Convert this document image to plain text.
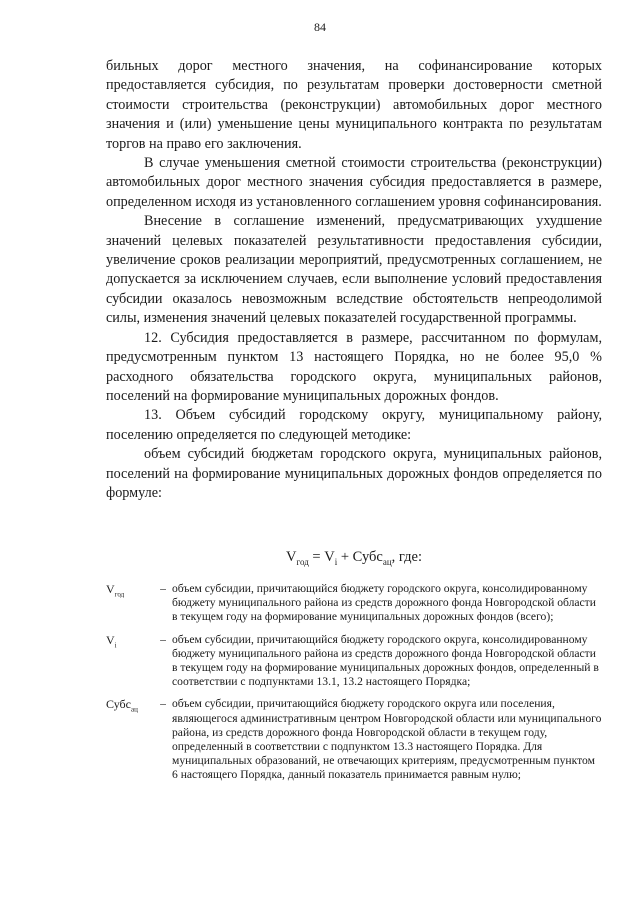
84

бильных дорог местного значения, на софинансирование которых предоставляется субсидия, по результатам проверки достоверности сметной стоимости строительства (реконструкции) автомобильных дорог местного значения и (или) уменьшение цены муниципального контракта по результатам торгов на право его заключения.

В случае уменьшения сметной стоимости строительства (реконструкции) автомобильных дорог местного значения субсидия предоставляется в размере, определенном исходя из установленного соглашением уровня софинансирования.

Внесение в соглашение изменений, предусматривающих ухудшение значений целевых показателей результативности предоставления субсидии, увеличение сроков реализации мероприятий, предусмотренных соглашением, не допускается за исключением случаев, если выполнение условий предоставления субсидии оказалось невозможным вследствие обстоятельств непреодолимой силы, изменения значений целевых показателей государственной программы.

12. Субсидия предоставляется в размере, рассчитанном по формулам, предусмотренным пунктом 13 настоящего Порядка, но не более 95,0 % расходного обязательства городского округа, муниципальных районов, поселений на формирование муниципальных дорожных фондов.

13. Объем субсидий городскому округу, муниципальному району, поселению определяется по следующей методике:

объем субсидий бюджетам городского округа, муниципальных районов, поселений на формирование муниципальных дорожных фондов определяется по формуле:

$V_{год} = V_i$ + Субс$_{ац}$, где:
$V_{год}$	– объем субсидии, причитающийся бюджету городского округа, консолидированному бюджету муниципального района из средств дорожного фонда Новгородской области в текущем году на формирование муниципальных дорожных фондов (всего);
$V_i$	– объем субсидии, причитающийся бюджету городского округа, консолидированному бюджету муниципального района из средств дорожного фонда Новгородской области в текущем году на формирование муниципальных дорожных фондов, определенный в соответствии с подпунктами 13.1, 13.2 настоящего Порядка;
Субс$_{ац}$	– объем субсидии, причитающийся бюджету городского округа или поселения, являющегося административным центром Новгородской области или муниципального района, из средств дорожного фонда Новгородской области в текущем году, определенный в соответствии с подпунктом 13.3 настоящего Порядка. Для муниципальных образований, не отвечающих критериям, предусмотренным пунктом 6 настоящего Порядка, данный показатель принимается равным нулю;
